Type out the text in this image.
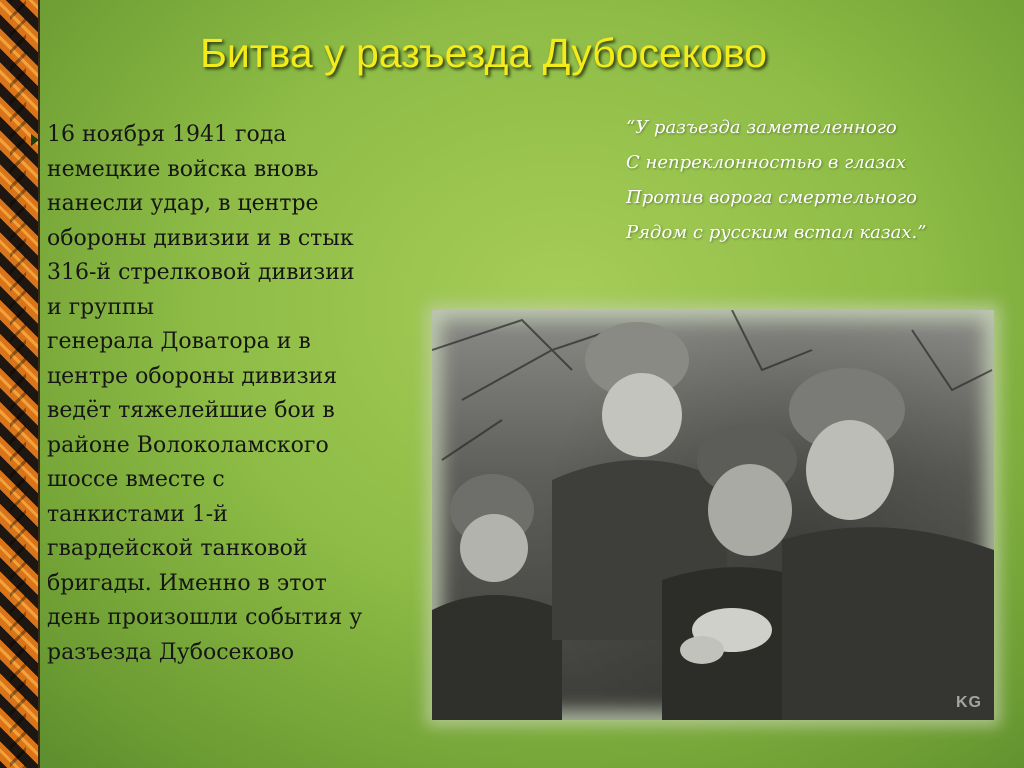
Битва у разъезда Дубосеково
16 ноября 1941 года
немецкие войска вновь
нанесли удар, в центре
обороны дивизии и в стык
316-й стрелковой дивизии
и группы
генерала Доватора и в
центре обороны дивизия
ведёт тяжелейшие бои в
районе Волоколамского
шоссе вместе с
танкистами 1-й
гвардейской танковой
бригады. Именно в этот
день произошли события у
разъезда Дубосеково
“У разъезда заметеленного
С непреклонностью в глазах
Против ворога смертельного
Рядом с русским встал казах.”
KG
